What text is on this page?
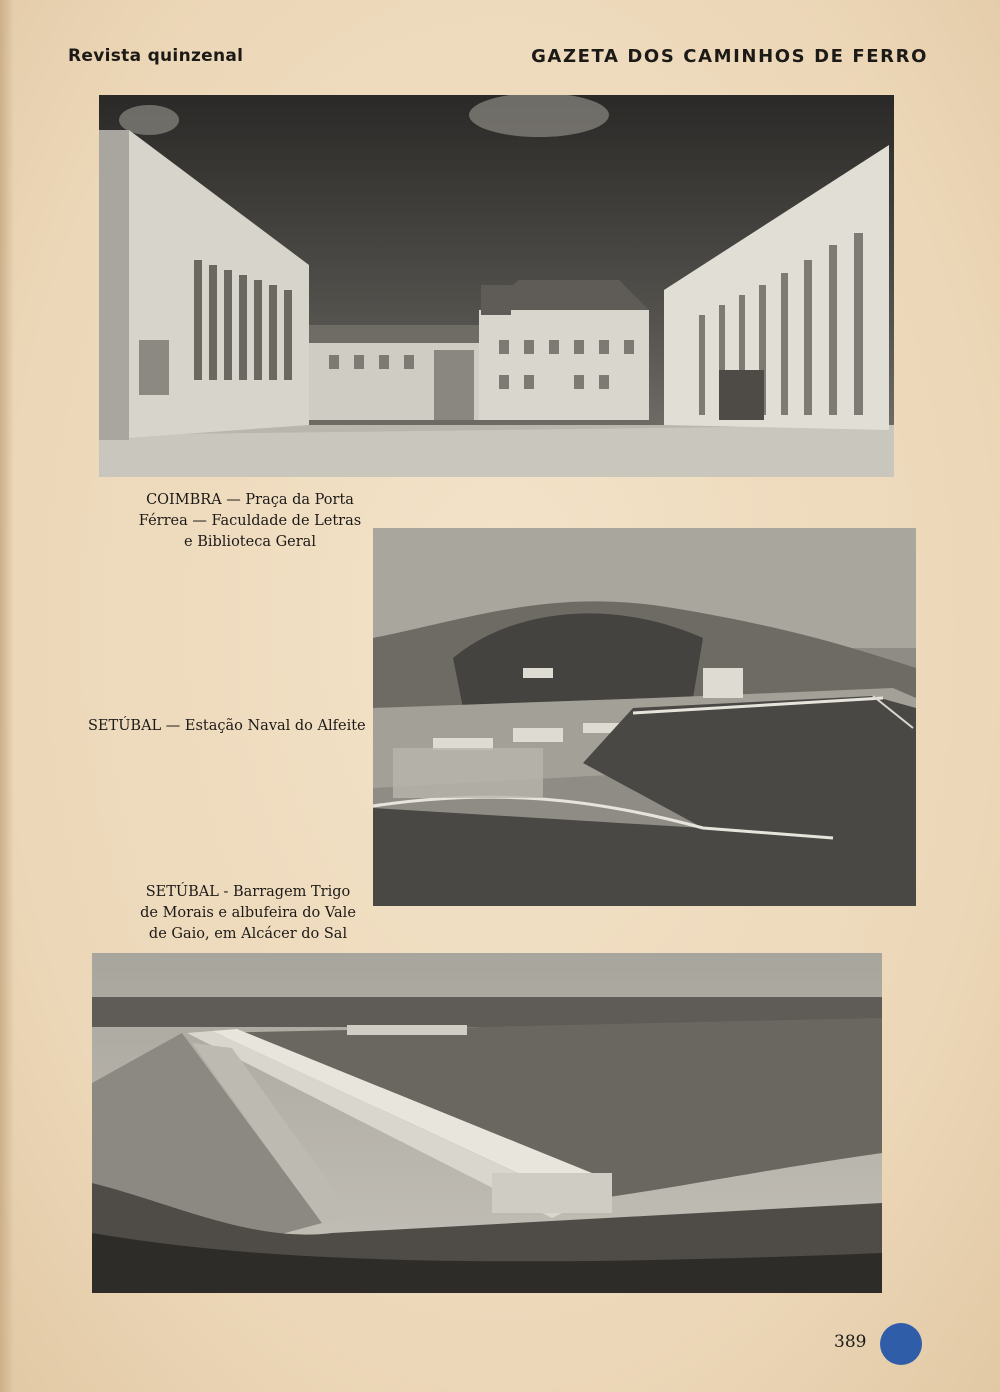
Revista quinzenal	GAZETA DOS CAMINHOS DE FERRO
COIMBRA — Praça da Porta
Férrea — Faculdade de Letras
e Biblioteca Geral
SETÚBAL — Estação Naval do Alfeite
SETÚBAL - Barragem Trigo
de Morais e albufeira do Vale
de Gaio, em Alcácer do Sal
389
